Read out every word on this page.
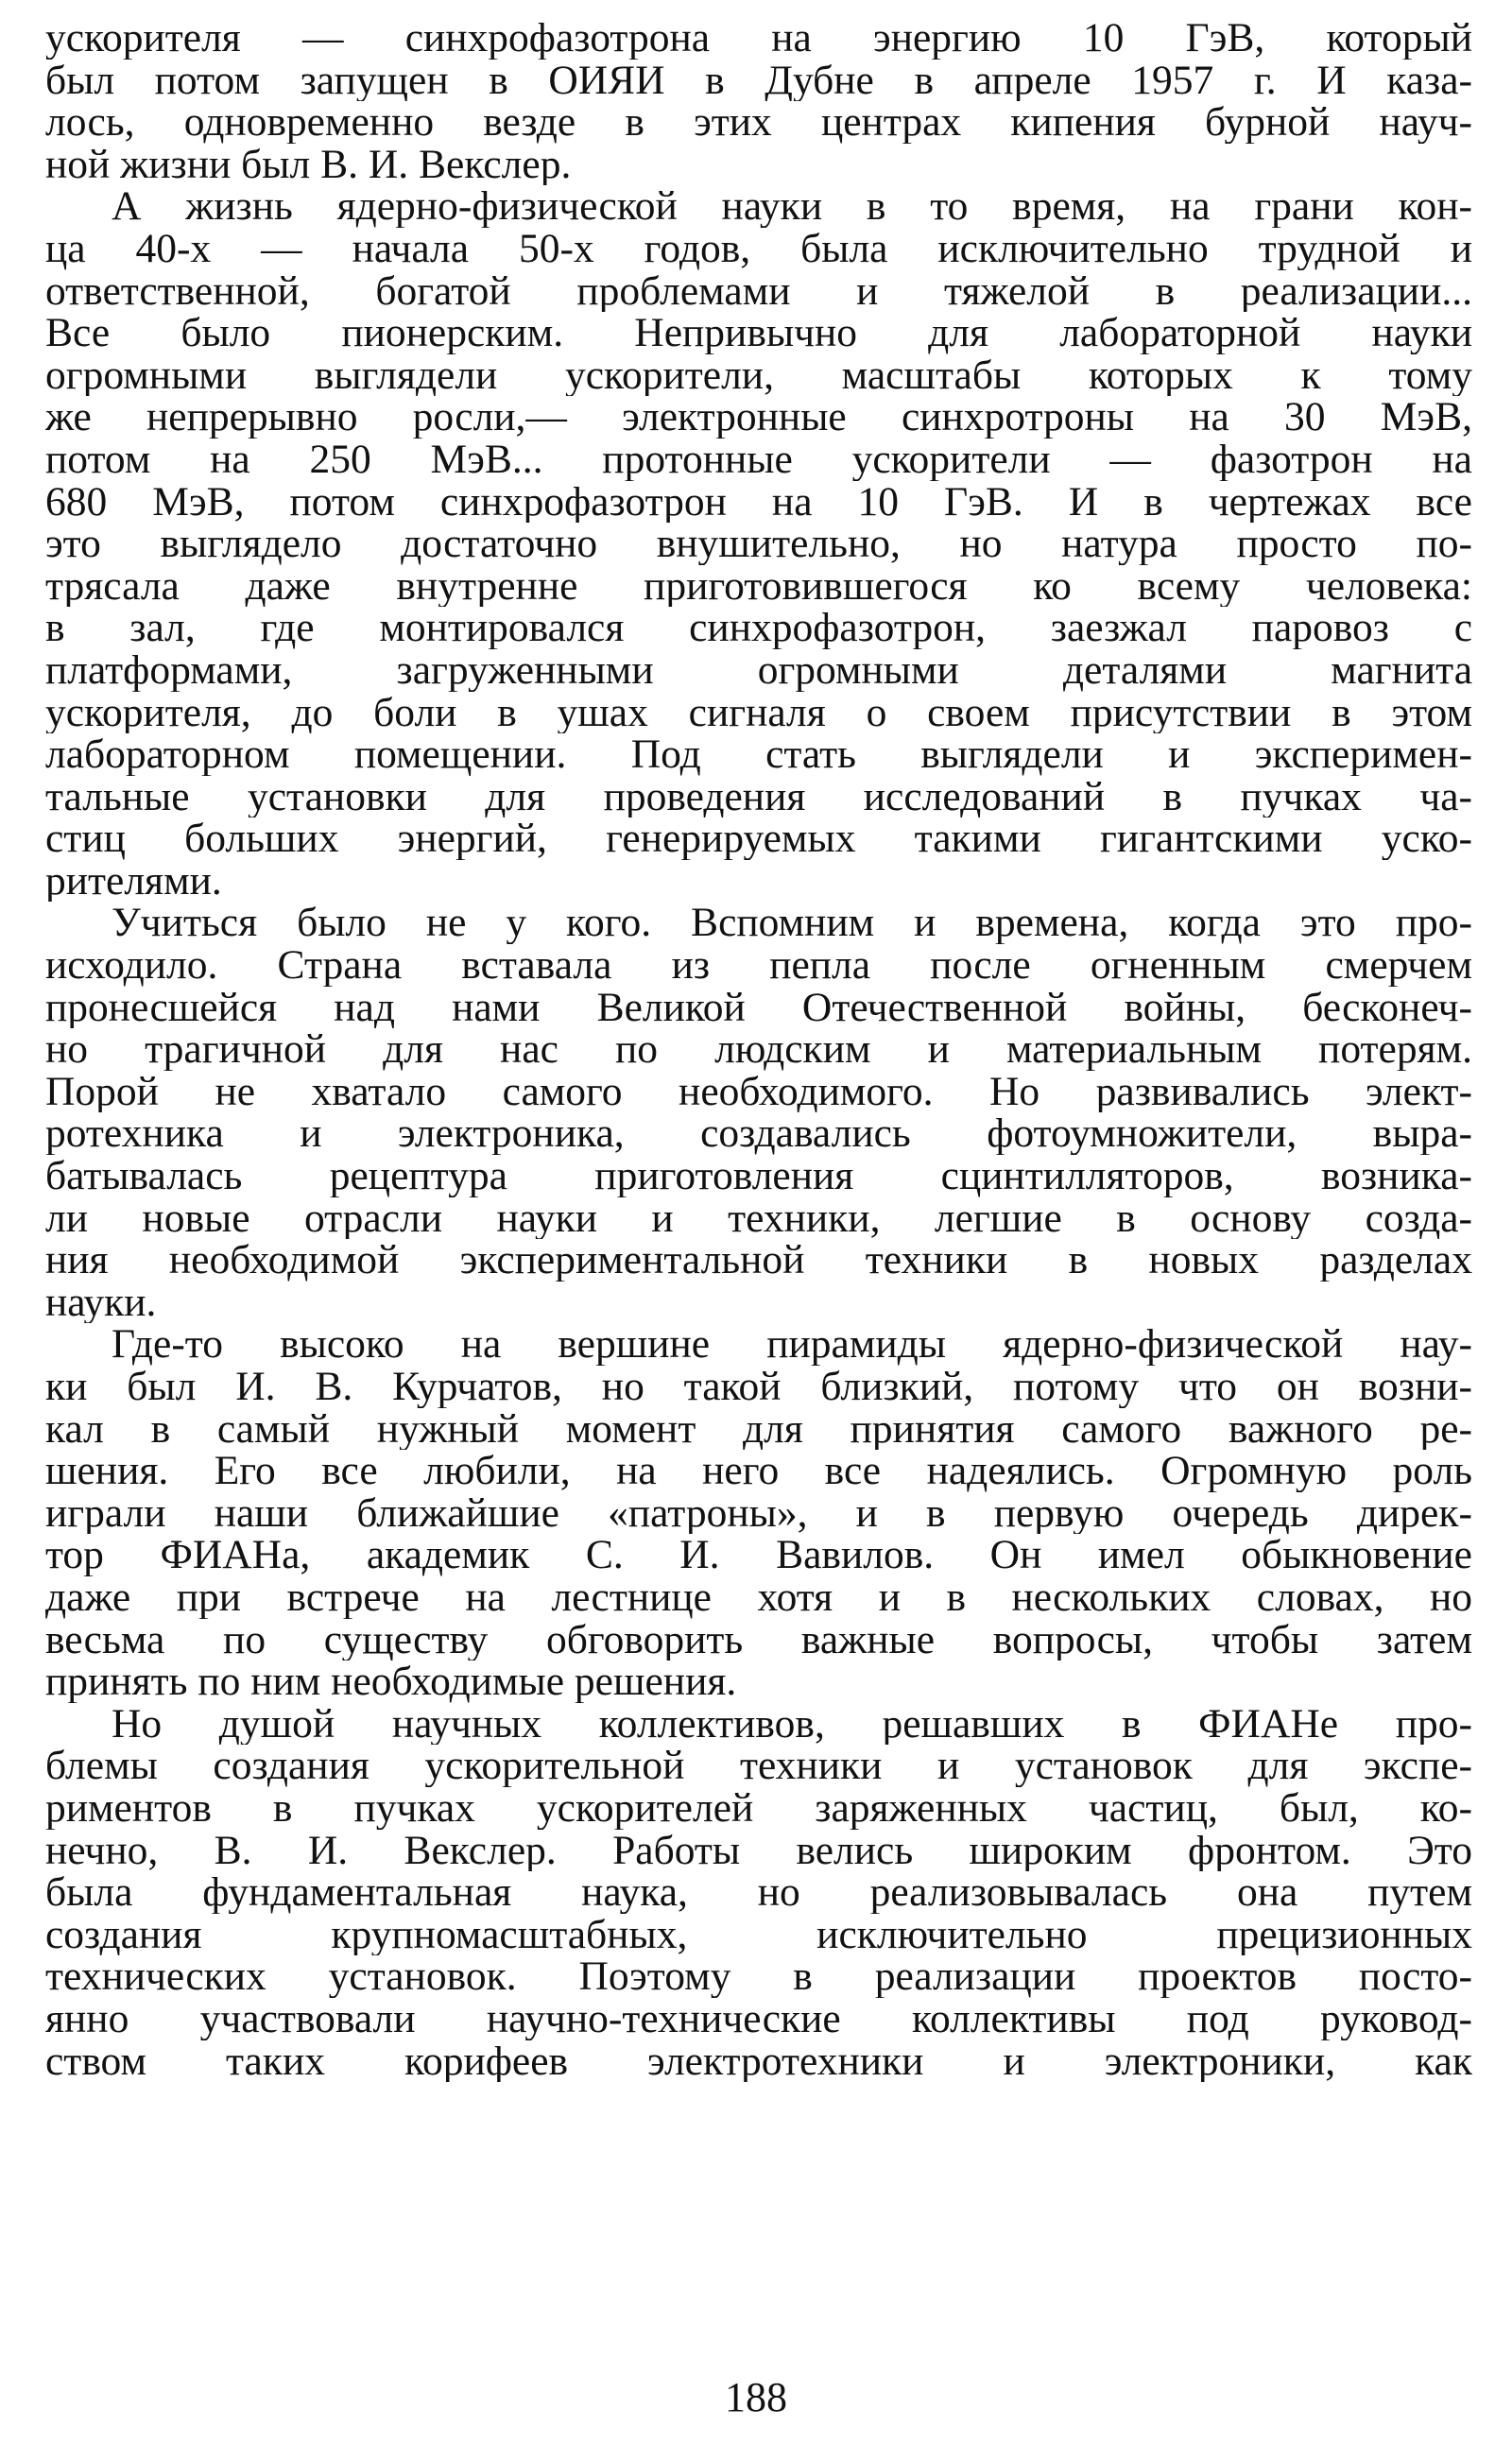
ускорителя — синхрофазотрона на энергию 10 ГэВ, который
был потом запущен в ОИЯИ в Дубне в апреле 1957 г. И каза-
лось, одновременно везде в этих центрах кипения бурной науч-
ной жизни был В. И. Векслер.
А жизнь ядерно-физической науки в то время, на грани кон-
ца 40-х — начала 50-х годов, была исключительно трудной и
ответственной, богатой проблемами и тяжелой в реализации...
Все было пионерским. Непривычно для лабораторной науки
огромными выглядели ускорители, масштабы которых к тому
же непрерывно росли,— электронные синхротроны на 30 МэВ,
потом на 250 МэВ... протонные ускорители — фазотрон на
680 МэВ, потом синхрофазотрон на 10 ГэВ. И в чертежах все
это выглядело достаточно внушительно, но натура просто по-
трясала даже внутренне приготовившегося ко всему человека:
в зал, где монтировался синхрофазотрон, заезжал паровоз с
платформами, загруженными огромными деталями магнита
ускорителя, до боли в ушах сигналя о своем присутствии в этом
лабораторном помещении. Под стать выглядели и эксперимен-
тальные установки для проведения исследований в пучках ча-
стиц больших энергий, генерируемых такими гигантскими уско-
рителями.
Учиться было не у кого. Вспомним и времена, когда это про-
исходило. Страна вставала из пепла после огненным смерчем
пронесшейся над нами Великой Отечественной войны, бесконеч-
но трагичной для нас по людским и материальным потерям.
Порой не хватало самого необходимого. Но развивались элект-
ротехника и электроника, создавались фотоумножители, выра-
батывалась рецептура приготовления сцинтилляторов, возника-
ли новые отрасли науки и техники, легшие в основу созда-
ния необходимой экспериментальной техники в новых разделах
науки.
Где-то высоко на вершине пирамиды ядерно-физической нау-
ки был И. В. Курчатов, но такой близкий, потому что он возни-
кал в самый нужный момент для принятия самого важного ре-
шения. Его все любили, на него все надеялись. Огромную роль
играли наши ближайшие «патроны», и в первую очередь дирек-
тор ФИАНа, академик С. И. Вавилов. Он имел обыкновение
даже при встрече на лестнице хотя и в нескольких словах, но
весьма по существу обговорить важные вопросы, чтобы затем
принять по ним необходимые решения.
Но душой научных коллективов, решавших в ФИАНе про-
блемы создания ускорительной техники и установок для экспе-
риментов в пучках ускорителей заряженных частиц, был, ко-
нечно, В. И. Векслер. Работы велись широким фронтом. Это
была фундаментальная наука, но реализовывалась она путем
создания крупномасштабных, исключительно прецизионных
технических установок. Поэтому в реализации проектов посто-
янно участвовали научно-технические коллективы под руковод-
ством таких корифеев электротехники и электроники, как
188
